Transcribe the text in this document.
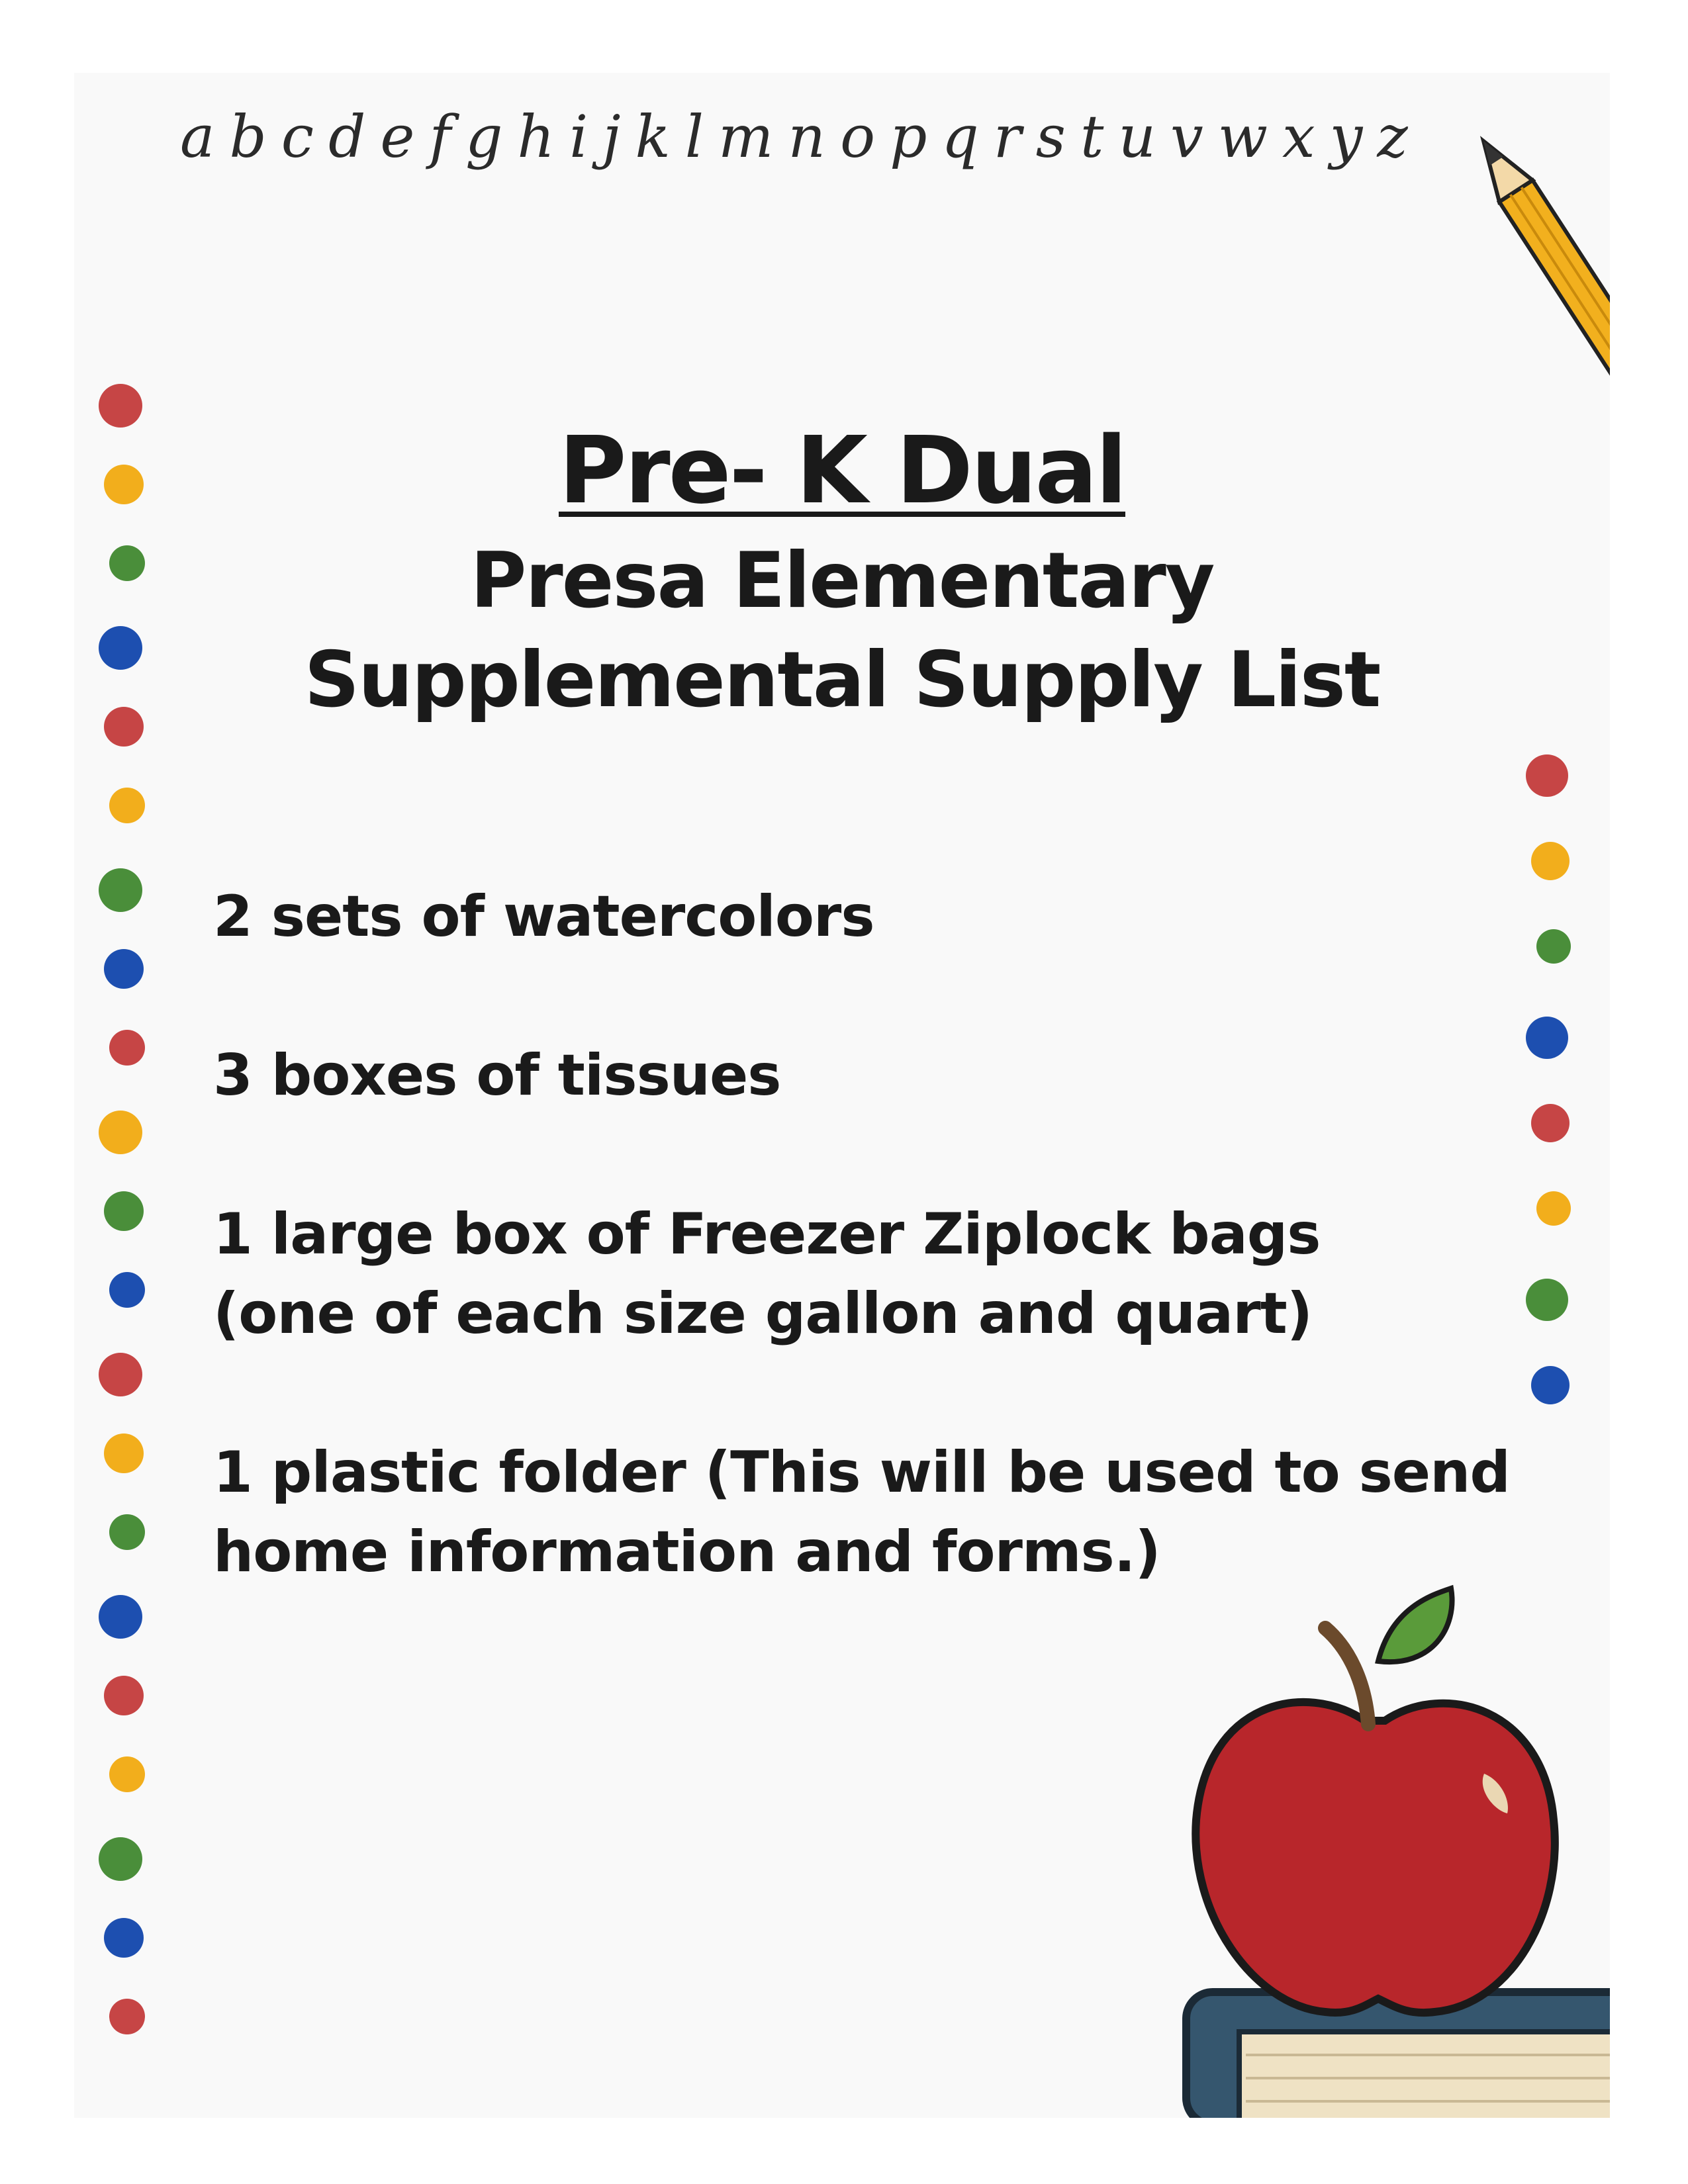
abcdefghijklmnopqrstuvwxyz

Pre- K Dual
Presa Elementary
Supplemental Supply List
2 sets of watercolors
3 boxes of tissues
1 large box of Freezer Ziplock bags
(one of each size gallon and quart)
1 plastic folder (This will be used to send
home information and forms.)
